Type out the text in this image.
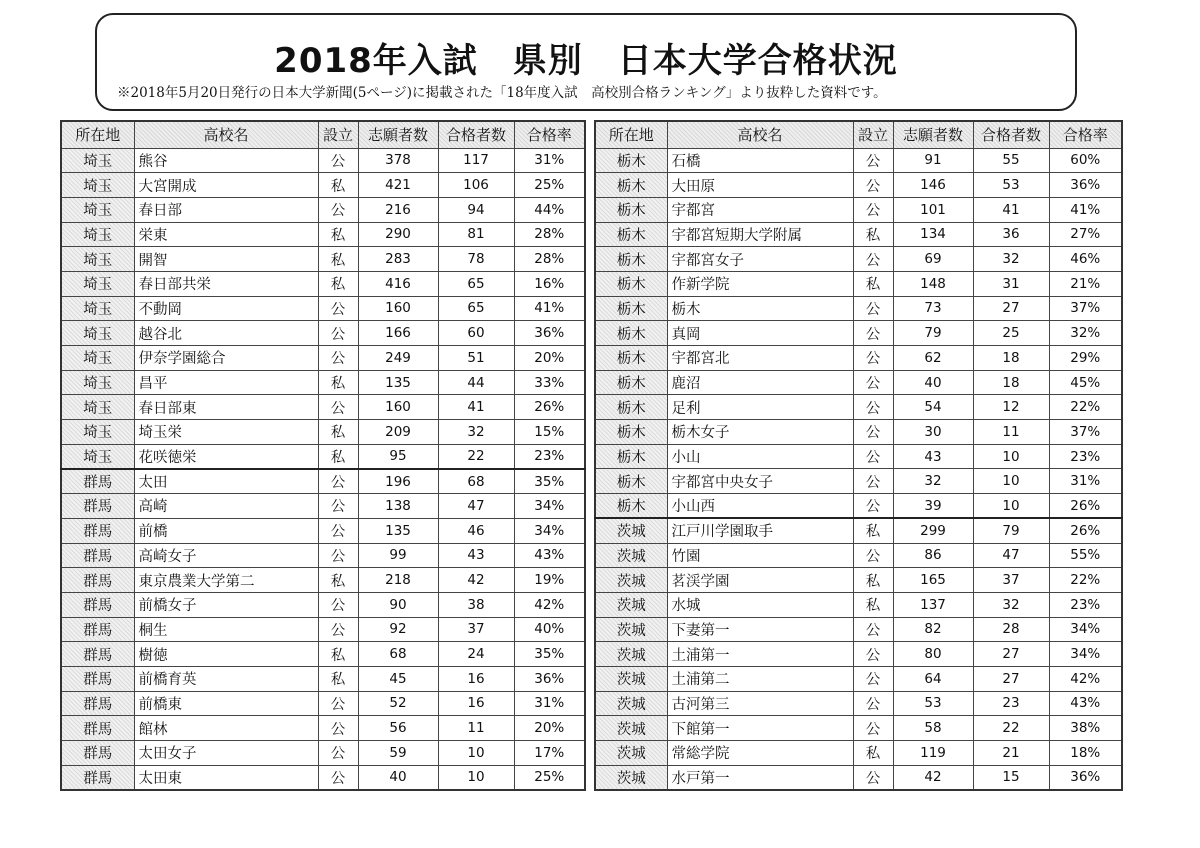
2018年入試　県別　日本大学合格状況
※2018年5月20日発行の日本大学新聞(5ページ)に掲載された「18年度入試　高校別合格ランキング」より抜粋した資料です。
所在地	高校名	設立	志願者数	合格者数	合格率
埼玉	熊谷	公	378	117	31%
埼玉	大宮開成	私	421	106	25%
埼玉	春日部	公	216	94	44%
埼玉	栄東	私	290	81	28%
埼玉	開智	私	283	78	28%
埼玉	春日部共栄	私	416	65	16%
埼玉	不動岡	公	160	65	41%
埼玉	越谷北	公	166	60	36%
埼玉	伊奈学園総合	公	249	51	20%
埼玉	昌平	私	135	44	33%
埼玉	春日部東	公	160	41	26%
埼玉	埼玉栄	私	209	32	15%
埼玉	花咲徳栄	私	95	22	23%
群馬	太田	公	196	68	35%
群馬	高崎	公	138	47	34%
群馬	前橋	公	135	46	34%
群馬	高崎女子	公	99	43	43%
群馬	東京農業大学第二	私	218	42	19%
群馬	前橋女子	公	90	38	42%
群馬	桐生	公	92	37	40%
群馬	樹徳	私	68	24	35%
群馬	前橋育英	私	45	16	36%
群馬	前橋東	公	52	16	31%
群馬	館林	公	56	11	20%
群馬	太田女子	公	59	10	17%
群馬	太田東	公	40	10	25%
所在地	高校名	設立	志願者数	合格者数	合格率
栃木	石橋	公	91	55	60%
栃木	大田原	公	146	53	36%
栃木	宇都宮	公	101	41	41%
栃木	宇都宮短期大学附属	私	134	36	27%
栃木	宇都宮女子	公	69	32	46%
栃木	作新学院	私	148	31	21%
栃木	栃木	公	73	27	37%
栃木	真岡	公	79	25	32%
栃木	宇都宮北	公	62	18	29%
栃木	鹿沼	公	40	18	45%
栃木	足利	公	54	12	22%
栃木	栃木女子	公	30	11	37%
栃木	小山	公	43	10	23%
栃木	宇都宮中央女子	公	32	10	31%
栃木	小山西	公	39	10	26%
茨城	江戸川学園取手	私	299	79	26%
茨城	竹園	公	86	47	55%
茨城	茗渓学園	私	165	37	22%
茨城	水城	私	137	32	23%
茨城	下妻第一	公	82	28	34%
茨城	土浦第一	公	80	27	34%
茨城	土浦第二	公	64	27	42%
茨城	古河第三	公	53	23	43%
茨城	下館第一	公	58	22	38%
茨城	常総学院	私	119	21	18%
茨城	水戸第一	公	42	15	36%
